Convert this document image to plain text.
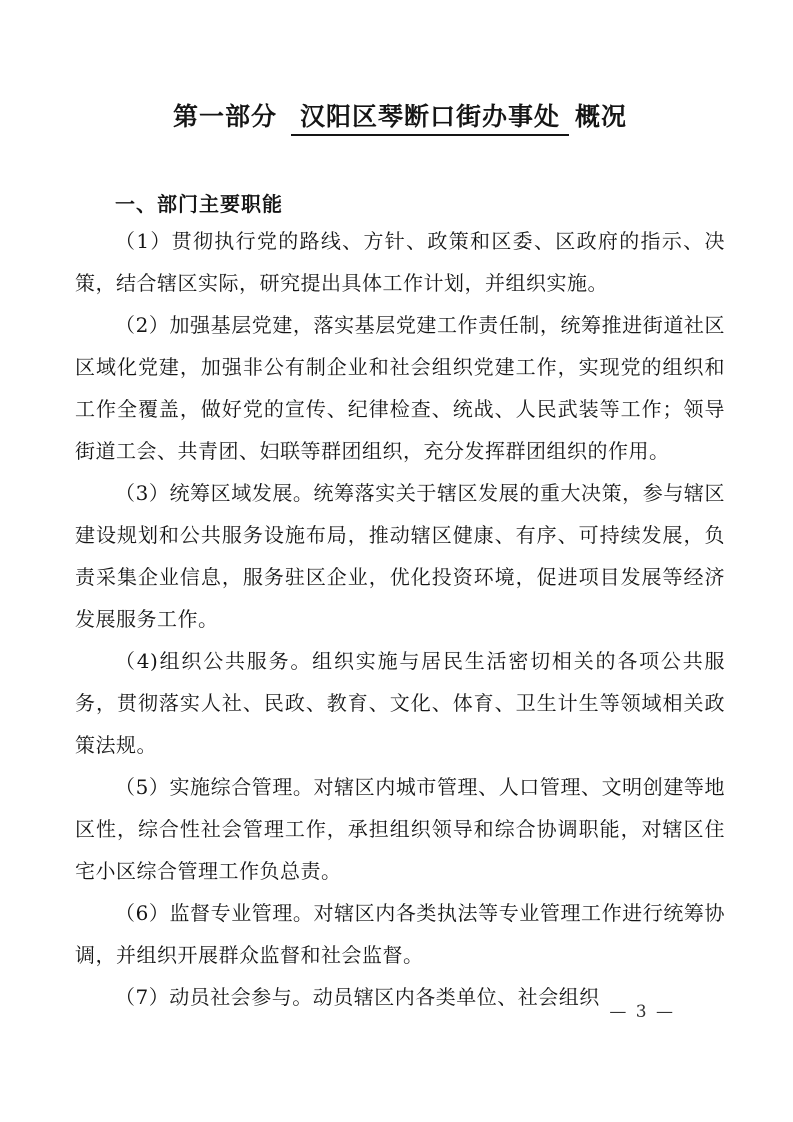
第一部分 汉阳区琴断口街办事处 概况
一、部门主要职能

（1）贯彻执行党的路线、方针、政策和区委、区政府的指示、决策，结合辖区实际，研究提出具体工作计划，并组织实施。

（2）加强基层党建，落实基层党建工作责任制，统筹推进街道社区区域化党建，加强非公有制企业和社会组织党建工作，实现党的组织和工作全覆盖，做好党的宣传、纪律检查、统战、人民武装等工作；领导街道工会、共青团、妇联等群团组织，充分发挥群团组织的作用。

（3）统筹区域发展。统筹落实关于辖区发展的重大决策，参与辖区建设规划和公共服务设施布局，推动辖区健康、有序、可持续发展，负责采集企业信息，服务驻区企业，优化投资环境，促进项目发展等经济发展服务工作。

（4)组织公共服务。组织实施与居民生活密切相关的各项公共服务，贯彻落实人社、民政、教育、文化、体育、卫生计生等领域相关政策法规。

（5）实施综合管理。对辖区内城市管理、人口管理、文明创建等地区性，综合性社会管理工作，承担组织领导和综合协调职能，对辖区住宅小区综合管理工作负总责。

（6）监督专业管理。对辖区内各类执法等专业管理工作进行统筹协调，并组织开展群众监督和社会监督。

（7）动员社会参与。动员辖区内各类单位、社会组织

— 3 —
